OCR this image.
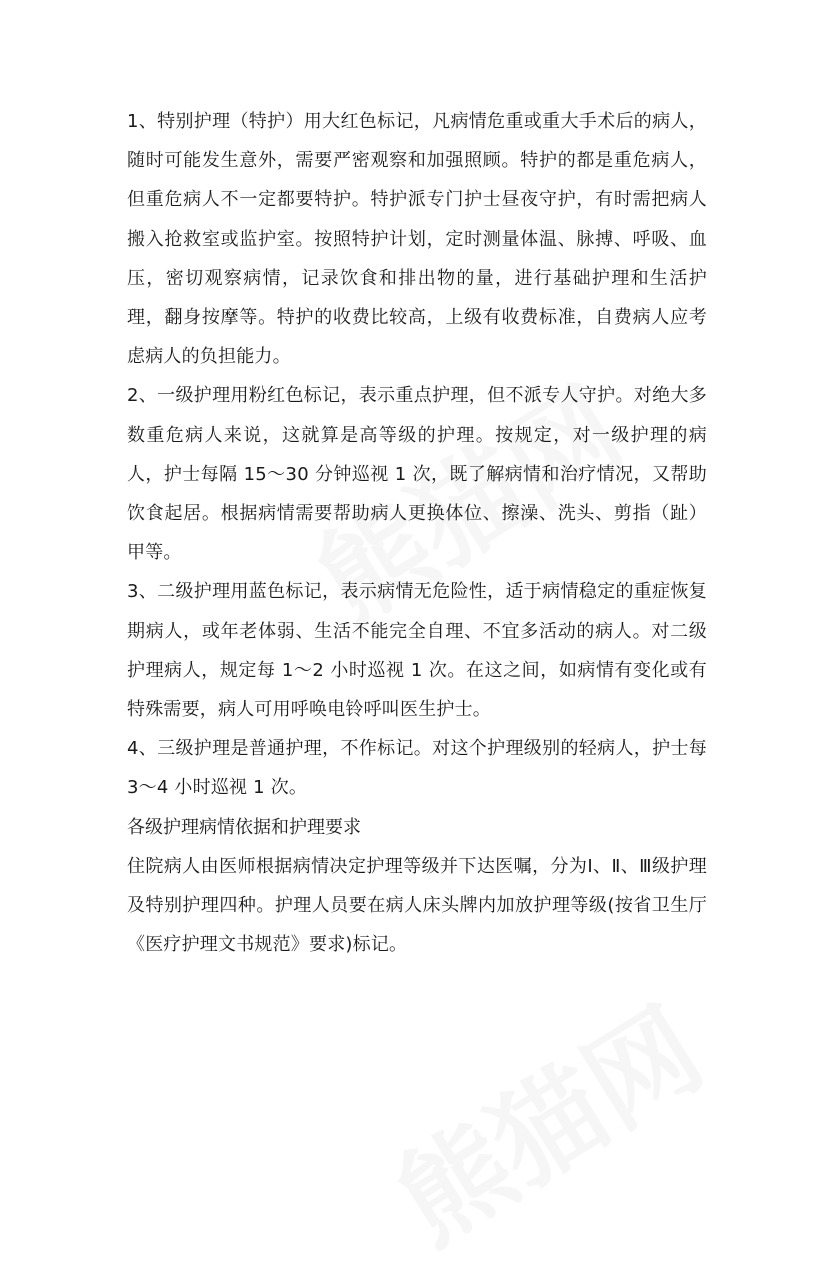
1、特别护理（特护）用大红色标记，凡病情危重或重大手术后的病人，随时可能发生意外，需要严密观察和加强照顾。特护的都是重危病人，但重危病人不一定都要特护。特护派专门护士昼夜守护，有时需把病人搬入抢救室或监护室。按照特护计划，定时测量体温、脉搏、呼吸、血压，密切观察病情，记录饮食和排出物的量，进行基础护理和生活护理，翻身按摩等。特护的收费比较高，上级有收费标准，自费病人应考虑病人的负担能力。

2、一级护理用粉红色标记，表示重点护理，但不派专人守护。对绝大多数重危病人来说，这就算是高等级的护理。按规定，对一级护理的病人，护士每隔 15～30 分钟巡视 1 次，既了解病情和治疗情况，又帮助饮食起居。根据病情需要帮助病人更换体位、擦澡、洗头、剪指（趾）甲等。

3、二级护理用蓝色标记，表示病情无危险性，适于病情稳定的重症恢复期病人，或年老体弱、生活不能完全自理、不宜多活动的病人。对二级护理病人，规定每 1～2 小时巡视 1 次。在这之间，如病情有变化或有特殊需要，病人可用呼唤电铃呼叫医生护士。

4、三级护理是普通护理，不作标记。对这个护理级别的轻病人，护士每 3～4 小时巡视 1 次。

各级护理病情依据和护理要求

住院病人由医师根据病情决定护理等级并下达医嘱，分为Ⅰ、Ⅱ、Ⅲ级护理及特别护理四种。护理人员要在病人床头牌内加放护理等级(按省卫生厅《医疗护理文书规范》要求)标记。
